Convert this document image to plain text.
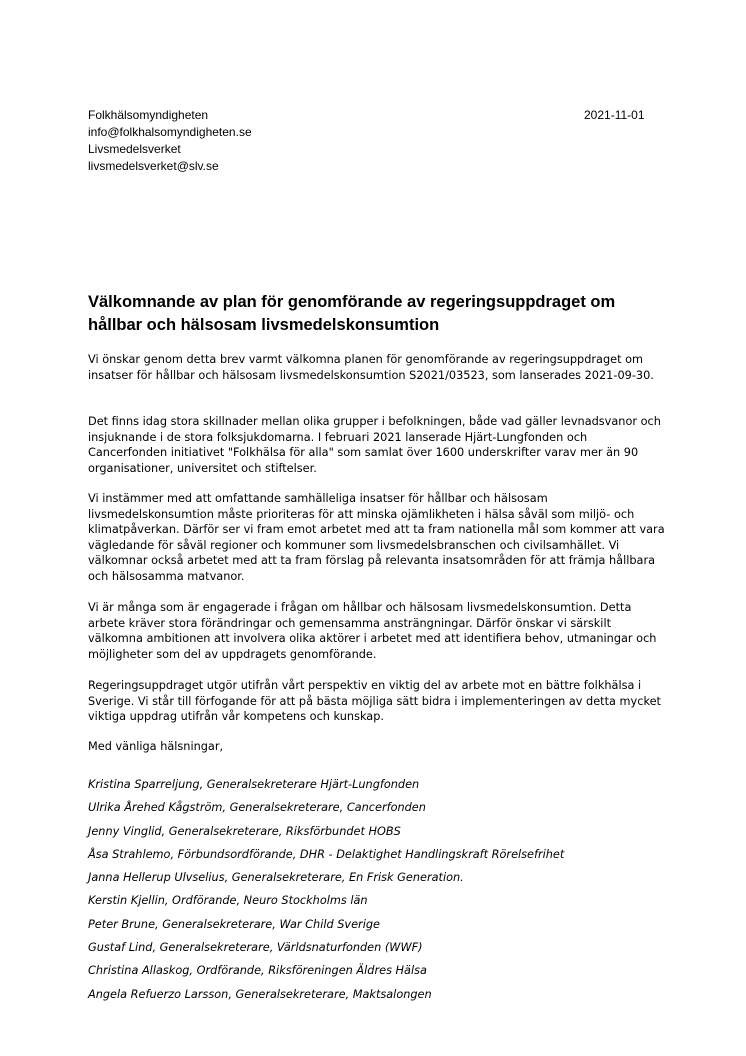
Folkhälsomyndigheten
info@folkhalsomyndigheten.se
Livsmedelsverket
livsmedelsverket@slv.se
2021-11-01
Välkomnande av plan för genomförande av regeringsuppdraget om hållbar och hälsosam livsmedelskonsumtion

Vi önskar genom detta brev varmt välkomna planen för genomförande av regeringsuppdraget om insatser för hållbar och hälsosam livsmedelskonsumtion S2021/03523, som lanserades 2021-09-30.

Det finns idag stora skillnader mellan olika grupper i befolkningen, både vad gäller levnadsvanor och insjuknande i de stora folksjukdomarna. I februari 2021 lanserade Hjärt-Lungfonden och Cancerfonden initiativet "Folkhälsa för alla" som samlat över 1600 underskrifter varav mer än 90 organisationer, universitet och stiftelser.

Vi instämmer med att omfattande samhälleliga insatser för hållbar och hälsosam livsmedelskonsumtion måste prioriteras för att minska ojämlikheten i hälsa såväl som miljö- och klimatpåverkan. Därför ser vi fram emot arbetet med att ta fram nationella mål som kommer att vara vägledande för såväl regioner och kommuner som livsmedelsbranschen och civilsamhället. Vi välkomnar också arbetet med att ta fram förslag på relevanta insatsområden för att främja hållbara och hälsosamma matvanor.

Vi är många som är engagerade i frågan om hållbar och hälsosam livsmedelskonsumtion. Detta arbete kräver stora förändringar och gemensamma ansträngningar. Därför önskar vi särskilt välkomna ambitionen att involvera olika aktörer i arbetet med att identifiera behov, utmaningar och möjligheter som del av uppdragets genomförande.

Regeringsuppdraget utgör utifrån vårt perspektiv en viktig del av arbete mot en bättre folkhälsa i Sverige. Vi står till förfogande för att på bästa möjliga sätt bidra i implementeringen av detta mycket viktiga uppdrag utifrån vår kompetens och kunskap.

Med vänliga hälsningar,

Kristina Sparreljung, Generalsekreterare Hjärt-Lungfonden
Ulrika Årehed Kågström, Generalsekreterare, Cancerfonden
Jenny Vinglid, Generalsekreterare, Riksförbundet HOBS
Åsa Strahlemo, Förbundsordförande, DHR - Delaktighet Handlingskraft Rörelsefrihet
Janna Hellerup Ulvselius, Generalsekreterare, En Frisk Generation.
Kerstin Kjellin, Ordförande, Neuro Stockholms län
Peter Brune, Generalsekreterare, War Child Sverige
Gustaf Lind, Generalsekreterare, Världsnaturfonden (WWF)
Christina Allaskog, Ordförande, Riksföreningen Äldres Hälsa
Angela Refuerzo Larsson, Generalsekreterare, Maktsalongen
